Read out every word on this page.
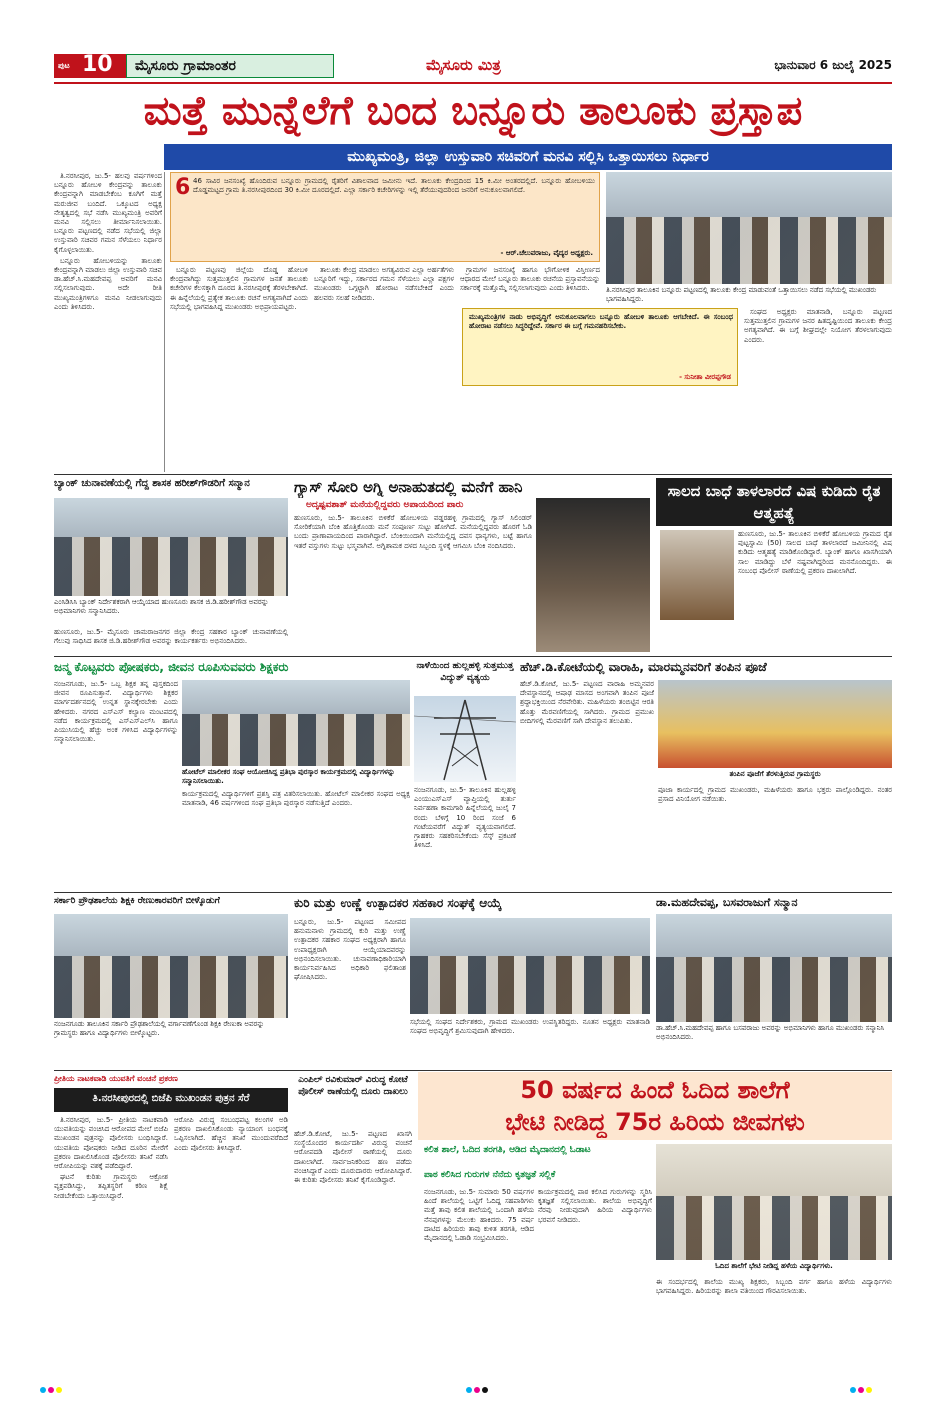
ಪುಟ 10 ಮೈಸೂರು ಗ್ರಾಮಾಂತರ	ಮೈಸೂರು ಮಿತ್ರ	ಭಾನುವಾರ 6 ಜುಲೈ 2025
ಮತ್ತೆ ಮುನ್ನೆಲೆಗೆ ಬಂದ ಬನ್ನೂರು ತಾಲೂಕು ಪ್ರಸ್ತಾಪ
ಮುಖ್ಯಮಂತ್ರಿ, ಜಿಲ್ಲಾ ಉಸ್ತುವಾರಿ ಸಚಿವರಿಗೆ ಮನವಿ ಸಲ್ಲಿಸಿ ಒತ್ತಾಯಿಸಲು ನಿರ್ಧಾರ

ತಿ.ನರಸೀಪುರ, ಜು.5- ಹಲವು ವರ್ಷಗಳಿಂದ ಬನ್ನೂರು ಹೋಬಳಿ ಕೇಂದ್ರವನ್ನು ತಾಲೂಕು ಕೇಂದ್ರವನ್ನಾಗಿ ಮಾಡಬೇಕೆಂಬ ಕೂಗಿಗೆ ಮತ್ತೆ ಮರುಜೀವ ಬಂದಿದೆ. ಒಕ್ಕೂಟದ ಅಧ್ಯಕ್ಷ ನೇತೃತ್ವದಲ್ಲಿ ಸಭೆ ನಡೆಸಿ ಮುಖ್ಯಮಂತ್ರಿ ಅವರಿಗೆ ಮನವಿ ಸಲ್ಲಿಸಲು ತೀರ್ಮಾನಿಸಲಾಯಿತು. ಬನ್ನೂರು ಪಟ್ಟಣದಲ್ಲಿ ನಡೆದ ಸಭೆಯಲ್ಲಿ ಜಿಲ್ಲಾ ಉಸ್ತುವಾರಿ ಸಚಿವರ ಗಮನ ಸೆಳೆಯಲು ನಿರ್ಧಾರ ಕೈಗೊಳ್ಳಲಾಯಿತು.

ಬನ್ನೂರು ಹೋಬಳಿಯನ್ನು ತಾಲೂಕು ಕೇಂದ್ರವನ್ನಾಗಿ ಮಾಡಲು ಜಿಲ್ಲಾ ಉಸ್ತುವಾರಿ ಸಚಿವ ಡಾ.ಹೆಚ್.ಸಿ.ಮಹದೇವಪ್ಪ ಅವರಿಗೆ ಮನವಿ ಸಲ್ಲಿಸಲಾಗುವುದು. ಅದೇ ರೀತಿ ಮುಖ್ಯಮಂತ್ರಿಗಳಿಗೂ ಮನವಿ ನೀಡಲಾಗುವುದು ಎಂದು ತಿಳಿಸಿದರು.

6 46 ಸಾವಿರ ಜನಸಂಖ್ಯೆ ಹೊಂದಿರುವ ಬನ್ನೂರು ಗ್ರಾಮದಲ್ಲಿ ರೈತರಿಗೆ ವಿಶಾಲವಾದ ಜಮೀನು ಇದೆ. ತಾಲೂಕು ಕೇಂದ್ರದಿಂದ 15 ಕಿ.ಮೀ ಅಂತರದಲ್ಲಿದೆ. ಬನ್ನೂರು ಹೋಬಳಿಯು ದೊಡ್ಡಮಟ್ಟದ ಗ್ರಾಮ ತಿ.ನರಸೀಪುರದಿಂದ 30 ಕಿ.ಮೀ ದೂರದಲ್ಲಿದೆ. ಎಲ್ಲಾ ಸರ್ಕಾರಿ ಕಚೇರಿಗಳನ್ನು ಇಲ್ಲಿ ತೆರೆಯುವುದರಿಂದ ಜನರಿಗೆ ಅನುಕೂಲವಾಗಲಿದೆ.
- ಆರ್.ಚೆಲುವರಾಜು, ವೈದ್ಯರ ಅಧ್ಯಕ್ಷರು.

ಬನ್ನೂರು ಪಟ್ಟಣವು ಜಿಲ್ಲೆಯ ದೊಡ್ಡ ಹೋಬಳಿ ಕೇಂದ್ರವಾಗಿದ್ದು ಸುತ್ತಮುತ್ತಲಿನ ಗ್ರಾಮಗಳ ಜನತೆ ತಾಲೂಕು ಕಚೇರಿಗಳ ಕೆಲಸಕ್ಕಾಗಿ ದೂರದ ತಿ.ನರಸೀಪುರಕ್ಕೆ ತೆರಳಬೇಕಾಗಿದೆ. ಈ ಹಿನ್ನೆಲೆಯಲ್ಲಿ ಪ್ರತ್ಯೇಕ ತಾಲೂಕು ರಚನೆ ಅಗತ್ಯವಾಗಿದೆ ಎಂದು ಸಭೆಯಲ್ಲಿ ಭಾಗವಹಿಸಿದ್ದ ಮುಖಂಡರು ಅಭಿಪ್ರಾಯಪಟ್ಟರು.

ತಾಲೂಕು ಕೇಂದ್ರ ಮಾಡಲು ಅಗತ್ಯವಿರುವ ಎಲ್ಲಾ ಅರ್ಹತೆಗಳು ಬನ್ನೂರಿಗೆ ಇದ್ದು, ಸರ್ಕಾರದ ಗಮನ ಸೆಳೆಯಲು ಎಲ್ಲಾ ಪಕ್ಷಗಳ ಮುಖಂಡರು ಒಗ್ಗಟ್ಟಾಗಿ ಹೋರಾಟ ನಡೆಸಬೇಕಿದೆ ಎಂದು ಹಲವರು ಸಲಹೆ ನೀಡಿದರು.

ಗ್ರಾಮಗಳ ಜನಸಂಖ್ಯೆ ಹಾಗೂ ಭೌಗೋಳಿಕ ವಿಸ್ತೀರ್ಣದ ಆಧಾರದ ಮೇಲೆ ಬನ್ನೂರು ತಾಲೂಕು ರಚನೆಯ ಪ್ರಸ್ತಾವನೆಯನ್ನು ಸರ್ಕಾರಕ್ಕೆ ಮತ್ತೊಮ್ಮೆ ಸಲ್ಲಿಸಲಾಗುವುದು ಎಂದು ತಿಳಿಸಿದರು.	ತಿ.ನರಸೀಪುರ ತಾಲೂಕಿನ ಬನ್ನೂರು ಪಟ್ಟಣದಲ್ಲಿ ತಾಲೂಕು ಕೇಂದ್ರ ಮಾಡುವಂತೆ ಒತ್ತಾಯಿಸಲು ನಡೆದ ಸಭೆಯಲ್ಲಿ ಮುಖಂಡರು ಭಾಗವಹಿಸಿದ್ದರು.
ಮುಖ್ಯಮಂತ್ರಿಗಳ ನಾಡು ಅಭಿವೃದ್ಧಿಗೆ ಅನುಕೂಲವಾಗಲು ಬನ್ನೂರು ಹೋಬಳಿ ತಾಲೂಕು ಆಗಬೇಕಿದೆ. ಈ ಸಂಬಂಧ ಹೋರಾಟ ನಡೆಸಲು ಸಿದ್ಧರಿದ್ದೇವೆ. ಸರ್ಕಾರ ಈ ಬಗ್ಗೆ ಗಮನಹರಿಸಬೇಕು.
- ಸುನೀತಾ ವೀರಪ್ಪಗೌಡ

ಸಂಘದ ಅಧ್ಯಕ್ಷರು ಮಾತನಾಡಿ, ಬನ್ನೂರು ಪಟ್ಟಣದ ಸುತ್ತಮುತ್ತಲಿನ ಗ್ರಾಮಗಳ ಜನರ ಹಿತದೃಷ್ಟಿಯಿಂದ ತಾಲೂಕು ಕೇಂದ್ರ ಅಗತ್ಯವಾಗಿದೆ. ಈ ಬಗ್ಗೆ ಶೀಘ್ರದಲ್ಲೇ ನಿಯೋಗ ತೆರಳಲಾಗುವುದು ಎಂದರು.

ಬ್ಯಾಂಕ್ ಚುನಾವಣೆಯಲ್ಲಿ ಗೆದ್ದ ಶಾಸಕ ಹರೀಶ್‌ಗೌಡರಿಗೆ ಸನ್ಮಾನ
ಎಂಸಿಡಿಸಿಸಿ ಬ್ಯಾಂಕ್ ನಿರ್ದೇಶಕರಾಗಿ ಆಯ್ಕೆಯಾದ ಹುಣಸೂರು ಶಾಸಕ ಜಿ.ಡಿ.ಹರೀಶ್‌ಗೌಡ ಅವರನ್ನು ಅಭಿಮಾನಿಗಳು ಸನ್ಮಾನಿಸಿದರು.
ಹುಣಸೂರು, ಜು.5- ಮೈಸೂರು ಚಾಮರಾಜನಗರ ಜಿಲ್ಲಾ ಕೇಂದ್ರ ಸಹಕಾರ ಬ್ಯಾಂಕ್ ಚುನಾವಣೆಯಲ್ಲಿ ಗೆಲುವು ಸಾಧಿಸಿದ ಶಾಸಕ ಜಿ.ಡಿ.ಹರೀಶ್‌ಗೌಡ ಅವರನ್ನು ಕಾರ್ಯಕರ್ತರು ಅಭಿನಂದಿಸಿದರು.
ಗ್ಯಾಸ್ ಸೋರಿ ಅಗ್ನಿ ಅನಾಹುತದಲ್ಲಿ ಮನೆಗೆ ಹಾನಿ
ಅದೃಷ್ಟವಶಾತ್ ಮನೆಯಲ್ಲಿದ್ದವರು ಅಪಾಯದಿಂದ ಪಾರು
ಹುಣಸೂರು, ಜು.5- ತಾಲೂಕಿನ ಬಿಳಿಕೆರೆ ಹೋಬಳಿಯ ವಡ್ಡರಹಳ್ಳಿ ಗ್ರಾಮದಲ್ಲಿ ಗ್ಯಾಸ್ ಸಿಲಿಂಡರ್ ಸೋರಿಕೆಯಾಗಿ ಬೆಂಕಿ ಹೊತ್ತಿಕೊಂಡು ಮನೆ ಸಂಪೂರ್ಣ ಸುಟ್ಟು ಹೋಗಿದೆ. ಮನೆಯಲ್ಲಿದ್ದವರು ಹೊರಗೆ ಓಡಿ ಬಂದು ಪ್ರಾಣಾಪಾಯದಿಂದ ಪಾರಾಗಿದ್ದಾರೆ. ಬೆಂಕಿಯಿಂದಾಗಿ ಮನೆಯಲ್ಲಿದ್ದ ದವಸ ಧಾನ್ಯಗಳು, ಬಟ್ಟೆ ಹಾಗೂ ಇತರೆ ವಸ್ತುಗಳು ಸುಟ್ಟು ಭಸ್ಮವಾಗಿವೆ. ಅಗ್ನಿಶಾಮಕ ದಳದ ಸಿಬ್ಬಂದಿ ಸ್ಥಳಕ್ಕೆ ಆಗಮಿಸಿ ಬೆಂಕಿ ನಂದಿಸಿದರು.
ಸಾಲದ ಬಾಧೆ ತಾಳಲಾರದೆ ವಿಷ ಕುಡಿದು ರೈತ ಆತ್ಮಹತ್ಯೆ
ಹುಣಸೂರು, ಜು.5- ತಾಲೂಕಿನ ಬಿಳಿಕೆರೆ ಹೋಬಳಿಯ ಗ್ರಾಮದ ರೈತ ಪುಟ್ಟಸ್ವಾಮಿ (50) ಸಾಲದ ಬಾಧೆ ತಾಳಲಾರದೆ ಜಮೀನಿನಲ್ಲಿ ವಿಷ ಕುಡಿದು ಆತ್ಮಹತ್ಯೆ ಮಾಡಿಕೊಂಡಿದ್ದಾರೆ. ಬ್ಯಾಂಕ್ ಹಾಗೂ ಖಾಸಗಿಯಾಗಿ ಸಾಲ ಮಾಡಿದ್ದು ಬೆಳೆ ನಷ್ಟವಾಗಿದ್ದರಿಂದ ಮನನೊಂದಿದ್ದರು. ಈ ಸಂಬಂಧ ಪೊಲೀಸ್ ಠಾಣೆಯಲ್ಲಿ ಪ್ರಕರಣ ದಾಖಲಾಗಿದೆ.
ಜನ್ಮ ಕೊಟ್ಟವರು ಪೋಷಕರು, ಜೀವನ ರೂಪಿಸುವವರು ಶಿಕ್ಷಕರು
ನಂಜನಗೂಡು, ಜು.5- ಒಬ್ಬ ಶಿಕ್ಷಕ ತನ್ನ ಪುಸ್ತಕದಿಂದ ಜೀವನ ರೂಪಿಸುತ್ತಾನೆ. ವಿದ್ಯಾರ್ಥಿಗಳು ಶಿಕ್ಷಕರ ಮಾರ್ಗದರ್ಶನದಲ್ಲಿ ಉನ್ನತ ಸ್ಥಾನಕ್ಕೇರಬೇಕು ಎಂದು ಹೇಳಿದರು. ನಗರದ ಎಸ್‌ಎಸ್ ಕಲ್ಯಾಣ ಮಂಟಪದಲ್ಲಿ ನಡೆದ ಕಾರ್ಯಕ್ರಮದಲ್ಲಿ ಎಸ್‌ಎಸ್‌ಎಲ್‌ಸಿ ಹಾಗೂ ಪಿಯುಸಿಯಲ್ಲಿ ಹೆಚ್ಚು ಅಂಕ ಗಳಿಸಿದ ವಿದ್ಯಾರ್ಥಿಗಳನ್ನು ಸನ್ಮಾನಿಸಲಾಯಿತು.
ಹೋಟೆಲ್ ಮಾಲೀಕರ ಸಂಘ ಆಯೋಜಿಸಿದ್ದ ಪ್ರತಿಭಾ ಪುರಸ್ಕಾರ ಕಾರ್ಯಕ್ರಮದಲ್ಲಿ ವಿದ್ಯಾರ್ಥಿಗಳನ್ನು ಸನ್ಮಾನಿಸಲಾಯಿತು.
ಕಾರ್ಯಕ್ರಮದಲ್ಲಿ ವಿದ್ಯಾರ್ಥಿಗಳಿಗೆ ಪ್ರಶಸ್ತಿ ಪತ್ರ ವಿತರಿಸಲಾಯಿತು. ಹೋಟೆಲ್ ಮಾಲೀಕರ ಸಂಘದ ಅಧ್ಯಕ್ಷ ಮಾತನಾಡಿ, 46 ವರ್ಷಗಳಿಂದ ಸಂಘ ಪ್ರತಿಭಾ ಪುರಸ್ಕಾರ ನಡೆಸುತ್ತಿದೆ ಎಂದರು.
ನಾಳೆಯಿಂದ ಹುಲ್ಲಹಳ್ಳಿ ಸುತ್ತಮುತ್ತ ವಿದ್ಯುತ್ ವ್ಯತ್ಯಯ
ನಂಜನಗೂಡು, ಜು.5- ತಾಲೂಕಿನ ಹುಲ್ಲಹಳ್ಳಿ ಎಂಯುಎಸ್‌ಎಸ್ ವ್ಯಾಪ್ತಿಯಲ್ಲಿ ತುರ್ತು ನಿರ್ವಹಣಾ ಕಾಮಗಾರಿ ಹಿನ್ನೆಲೆಯಲ್ಲಿ ಜುಲೈ 7 ರಂದು ಬೆಳಿಗ್ಗೆ 10 ರಿಂದ ಸಂಜೆ 6 ಗಂಟೆಯವರೆಗೆ ವಿದ್ಯುತ್ ವ್ಯತ್ಯಯವಾಗಲಿದೆ. ಗ್ರಾಹಕರು ಸಹಕರಿಸಬೇಕೆಂದು ಸೆಸ್ಕ್ ಪ್ರಕಟಣೆ ತಿಳಿಸಿದೆ.
ಹೆಚ್.ಡಿ.ಕೋಟೆಯಲ್ಲಿ ವಾರಾಹಿ, ಮಾರಮ್ಮನವರಿಗೆ ತಂಪಿನ ಪೂಜೆ
ಹೆಚ್.ಡಿ.ಕೋಟೆ, ಜು.5- ಪಟ್ಟಣದ ವಾರಾಹಿ ಅಮ್ಮನವರ ದೇವಸ್ಥಾನದಲ್ಲಿ ಆಷಾಢ ಮಾಸದ ಅಂಗವಾಗಿ ತಂಪಿನ ಪೂಜೆ ಶ್ರದ್ಧಾಭಕ್ತಿಯಿಂದ ನೆರವೇರಿತು. ಮಹಿಳೆಯರು ತಂಬಿಟ್ಟಿನ ಆರತಿ ಹೊತ್ತು ಮೆರವಣಿಗೆಯಲ್ಲಿ ಸಾಗಿದರು. ಗ್ರಾಮದ ಪ್ರಮುಖ ಬೀದಿಗಳಲ್ಲಿ ಮೆರವಣಿಗೆ ಸಾಗಿ ದೇವಸ್ಥಾನ ತಲುಪಿತು.
ತಂಪಿನ ಪೂಜೆಗೆ ತೆರಳುತ್ತಿರುವ ಗ್ರಾಮಸ್ಥರು
ಪೂಜಾ ಕಾರ್ಯದಲ್ಲಿ ಗ್ರಾಮದ ಮುಖಂಡರು, ಮಹಿಳೆಯರು ಹಾಗೂ ಭಕ್ತರು ಪಾಲ್ಗೊಂಡಿದ್ದರು. ನಂತರ ಪ್ರಸಾದ ವಿನಿಯೋಗ ನಡೆಯಿತು.
ಸರ್ಕಾರಿ ಪ್ರೌಢಶಾಲೆಯ ಶಿಕ್ಷಕಿ ರೇಣುಕಾರವರಿಗೆ ಬೀಳ್ಕೊಡುಗೆ
ನಂಜನಗೂಡು ತಾಲೂಕಿನ ಸರ್ಕಾರಿ ಪ್ರೌಢಶಾಲೆಯಲ್ಲಿ ವರ್ಗಾವಣೆಗೊಂಡ ಶಿಕ್ಷಕಿ ರೇಣುಕಾ ಅವರನ್ನು ಗ್ರಾಮಸ್ಥರು ಹಾಗೂ ವಿದ್ಯಾರ್ಥಿಗಳು ಬೀಳ್ಕೊಟ್ಟರು.
ಕುರಿ ಮತ್ತು ಉಣ್ಣೆ ಉತ್ಪಾದಕರ ಸಹಕಾರ ಸಂಘಕ್ಕೆ ಆಯ್ಕೆ
ಬನ್ನೂರು, ಜು.5- ಪಟ್ಟಣದ ಸಮೀಪದ ಹನುಮನಾಳು ಗ್ರಾಮದಲ್ಲಿ ಕುರಿ ಮತ್ತು ಉಣ್ಣೆ ಉತ್ಪಾದಕರ ಸಹಕಾರ ಸಂಘದ ಅಧ್ಯಕ್ಷರಾಗಿ ಹಾಗೂ ಉಪಾಧ್ಯಕ್ಷರಾಗಿ ಆಯ್ಕೆಯಾದವರನ್ನು ಅಭಿನಂದಿಸಲಾಯಿತು. ಚುನಾವಣಾಧಿಕಾರಿಯಾಗಿ ಕಾರ್ಯನಿರ್ವಹಿಸಿದ ಅಧಿಕಾರಿ ಫಲಿತಾಂಶ ಘೋಷಿಸಿದರು.
ಸಭೆಯಲ್ಲಿ ಸಂಘದ ನಿರ್ದೇಶಕರು, ಗ್ರಾಮದ ಮುಖಂಡರು ಉಪಸ್ಥಿತರಿದ್ದರು. ನೂತನ ಅಧ್ಯಕ್ಷರು ಮಾತನಾಡಿ ಸಂಘದ ಅಭಿವೃದ್ಧಿಗೆ ಶ್ರಮಿಸುವುದಾಗಿ ಹೇಳಿದರು.
ಡಾ.ಮಹದೇವಪ್ಪ, ಬಸವರಾಜುಗೆ ಸನ್ಮಾನ
ಡಾ.ಹೆಚ್.ಸಿ.ಮಹದೇವಪ್ಪ ಹಾಗೂ ಬಸವರಾಜು ಅವರನ್ನು ಅಭಿಮಾನಿಗಳು ಹಾಗೂ ಮುಖಂಡರು ಸನ್ಮಾನಿಸಿ ಅಭಿನಂದಿಸಿದರು.
ಪ್ರೀತಿಯ ನಾಟಕವಾಡಿ ಯುವತಿಗೆ ವಂಚನೆ ಪ್ರಕರಣ
ತಿ.ನರಸೀಪುರದಲ್ಲಿ ಬಿಜೆಪಿ ಮುಖಂಡನ ಪುತ್ರನ ಸೆರೆ

ತಿ.ನರಸೀಪುರ, ಜು.5- ಪ್ರೀತಿಯ ನಾಟಕವಾಡಿ ಯುವತಿಯನ್ನು ವಂಚಿಸಿದ ಆರೋಪದ ಮೇಲೆ ಬಿಜೆಪಿ ಮುಖಂಡನ ಪುತ್ರನನ್ನು ಪೊಲೀಸರು ಬಂಧಿಸಿದ್ದಾರೆ. ಯುವತಿಯ ಪೋಷಕರು ನೀಡಿದ ದೂರಿನ ಮೇರೆಗೆ ಪ್ರಕರಣ ದಾಖಲಿಸಿಕೊಂಡ ಪೊಲೀಸರು ತನಿಖೆ ನಡೆಸಿ ಆರೋಪಿಯನ್ನು ವಶಕ್ಕೆ ಪಡೆದಿದ್ದಾರೆ.

ಘಟನೆ ಕುರಿತು ಗ್ರಾಮಸ್ಥರು ಆಕ್ರೋಶ ವ್ಯಕ್ತಪಡಿಸಿದ್ದು, ತಪ್ಪಿತಸ್ಥರಿಗೆ ಕಠಿಣ ಶಿಕ್ಷೆ ನೀಡಬೇಕೆಂದು ಒತ್ತಾಯಿಸಿದ್ದಾರೆ.

ಆರೋಪಿ ವಿರುದ್ಧ ಸಂಬಂಧಪಟ್ಟ ಕಲಂಗಳ ಅಡಿ ಪ್ರಕರಣ ದಾಖಲಿಸಿಕೊಂಡು ನ್ಯಾಯಾಂಗ ಬಂಧನಕ್ಕೆ ಒಪ್ಪಿಸಲಾಗಿದೆ. ಹೆಚ್ಚಿನ ತನಿಖೆ ಮುಂದುವರೆದಿದೆ ಎಂದು ಪೊಲೀಸರು ತಿಳಿಸಿದ್ದಾರೆ.
ಎಂಪಿಲ್ ರವಿಕುಮಾರ್ ವಿರುದ್ಧ ಕೋಟೆ ಪೊಲೀಸ್ ಠಾಣೆಯಲ್ಲಿ ದೂರು ದಾಖಲು
ಹೆಚ್.ಡಿ.ಕೋಟೆ, ಜು.5- ಪಟ್ಟಣದ ಖಾಸಗಿ ಸಂಸ್ಥೆಯೊಂದರ ಕಾರ್ಯದರ್ಶಿ ವಿರುದ್ಧ ವಂಚನೆ ಆರೋಪದಡಿ ಪೊಲೀಸ್ ಠಾಣೆಯಲ್ಲಿ ದೂರು ದಾಖಲಾಗಿದೆ. ಸಾರ್ವಜನಿಕರಿಂದ ಹಣ ಪಡೆದು ವಂಚಿಸಿದ್ದಾರೆ ಎಂದು ದೂರುದಾರರು ಆರೋಪಿಸಿದ್ದಾರೆ. ಈ ಕುರಿತು ಪೊಲೀಸರು ತನಿಖೆ ಕೈಗೊಂಡಿದ್ದಾರೆ.
50 ವರ್ಷದ ಹಿಂದೆ ಓದಿದ ಶಾಲೆಗೆ
ಭೇಟಿ ನೀಡಿದ್ದ 75ರ ಹಿರಿಯ ಜೀವಗಳು
ಕಲಿತ ಶಾಲೆ, ಓದಿದ ತರಗತಿ, ಆಡಿದ ಮೈದಾನದಲ್ಲಿ ಓಡಾಟ
ಪಾಠ ಕಲಿಸಿದ ಗುರುಗಳ ನೆನೆದು ಕೃತಜ್ಞತೆ ಸಲ್ಲಿಕೆ
ನಂಜನಗೂಡು, ಜು.5- ಸುಮಾರು 50 ವರ್ಷಗಳ ಹಿಂದೆ ಶಾಲೆಯಲ್ಲಿ ಒಟ್ಟಿಗೆ ಓದಿದ್ದ ಸಹಪಾಠಿಗಳು ಮತ್ತೆ ತಾವು ಕಲಿತ ಶಾಲೆಯಲ್ಲಿ ಒಂದಾಗಿ ಹಳೆಯ ನೆನಪುಗಳನ್ನು ಮೆಲುಕು ಹಾಕಿದರು. 75 ವರ್ಷ ದಾಟಿದ ಹಿರಿಯರು ತಾವು ಕುಳಿತ ತರಗತಿ, ಆಡಿದ ಮೈದಾನದಲ್ಲಿ ಓಡಾಡಿ ಸಂಭ್ರಮಿಸಿದರು.
ಕಾರ್ಯಕ್ರಮದಲ್ಲಿ ಪಾಠ ಕಲಿಸಿದ ಗುರುಗಳನ್ನು ಸ್ಮರಿಸಿ ಕೃತಜ್ಞತೆ ಸಲ್ಲಿಸಲಾಯಿತು. ಶಾಲೆಯ ಅಭಿವೃದ್ಧಿಗೆ ನೆರವು ನೀಡುವುದಾಗಿ ಹಿರಿಯ ವಿದ್ಯಾರ್ಥಿಗಳು ಭರವಸೆ ನೀಡಿದರು.
ಓದಿದ ಶಾಲೆಗೆ ಭೇಟಿ ನೀಡಿದ್ದ ಹಳೆಯ ವಿದ್ಯಾರ್ಥಿಗಳು.
ಈ ಸಂದರ್ಭದಲ್ಲಿ ಶಾಲೆಯ ಮುಖ್ಯ ಶಿಕ್ಷಕರು, ಸಿಬ್ಬಂದಿ ವರ್ಗ ಹಾಗೂ ಹಳೆಯ ವಿದ್ಯಾರ್ಥಿಗಳು ಭಾಗವಹಿಸಿದ್ದರು. ಹಿರಿಯರನ್ನು ಶಾಲಾ ವತಿಯಿಂದ ಗೌರವಿಸಲಾಯಿತು.
